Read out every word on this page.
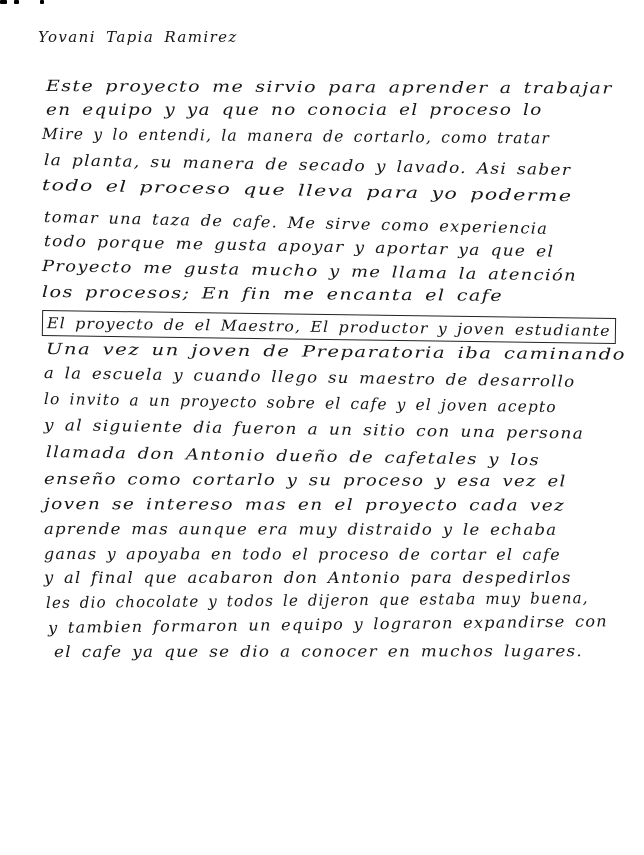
Yovani Tapia Ramirez
Este proyecto me sirvio para aprender a trabajar
en equipo y ya que no conocia el proceso lo
Mire y lo entendi, la manera de cortarlo, como tratar
la planta, su manera de secado y lavado. Asi saber
todo el proceso que lleva para yo poderme
tomar una taza de cafe. Me sirve como experiencia
todo porque me gusta apoyar y aportar ya que el
Proyecto me gusta mucho y me llama la atención
los procesos; En fin me encanta el cafe
El proyecto de el Maestro, El productor y joven estudiante
Una vez un joven de Preparatoria iba caminando
a la escuela y cuando llego su maestro de desarrollo
lo invito a un proyecto sobre el cafe y el joven acepto
y al siguiente dia fueron a un sitio con una persona
llamada don Antonio dueño de cafetales y los
enseño como cortarlo y su proceso y esa vez el
joven se intereso mas en el proyecto cada vez
aprende mas aunque era muy distraido y le echaba
ganas y apoyaba en todo el proceso de cortar el cafe
y al final que acabaron don Antonio para despedirlos
les dio chocolate y todos le dijeron que estaba muy buena,
y tambien formaron un equipo y lograron expandirse con
el cafe ya que se dio a conocer en muchos lugares.
